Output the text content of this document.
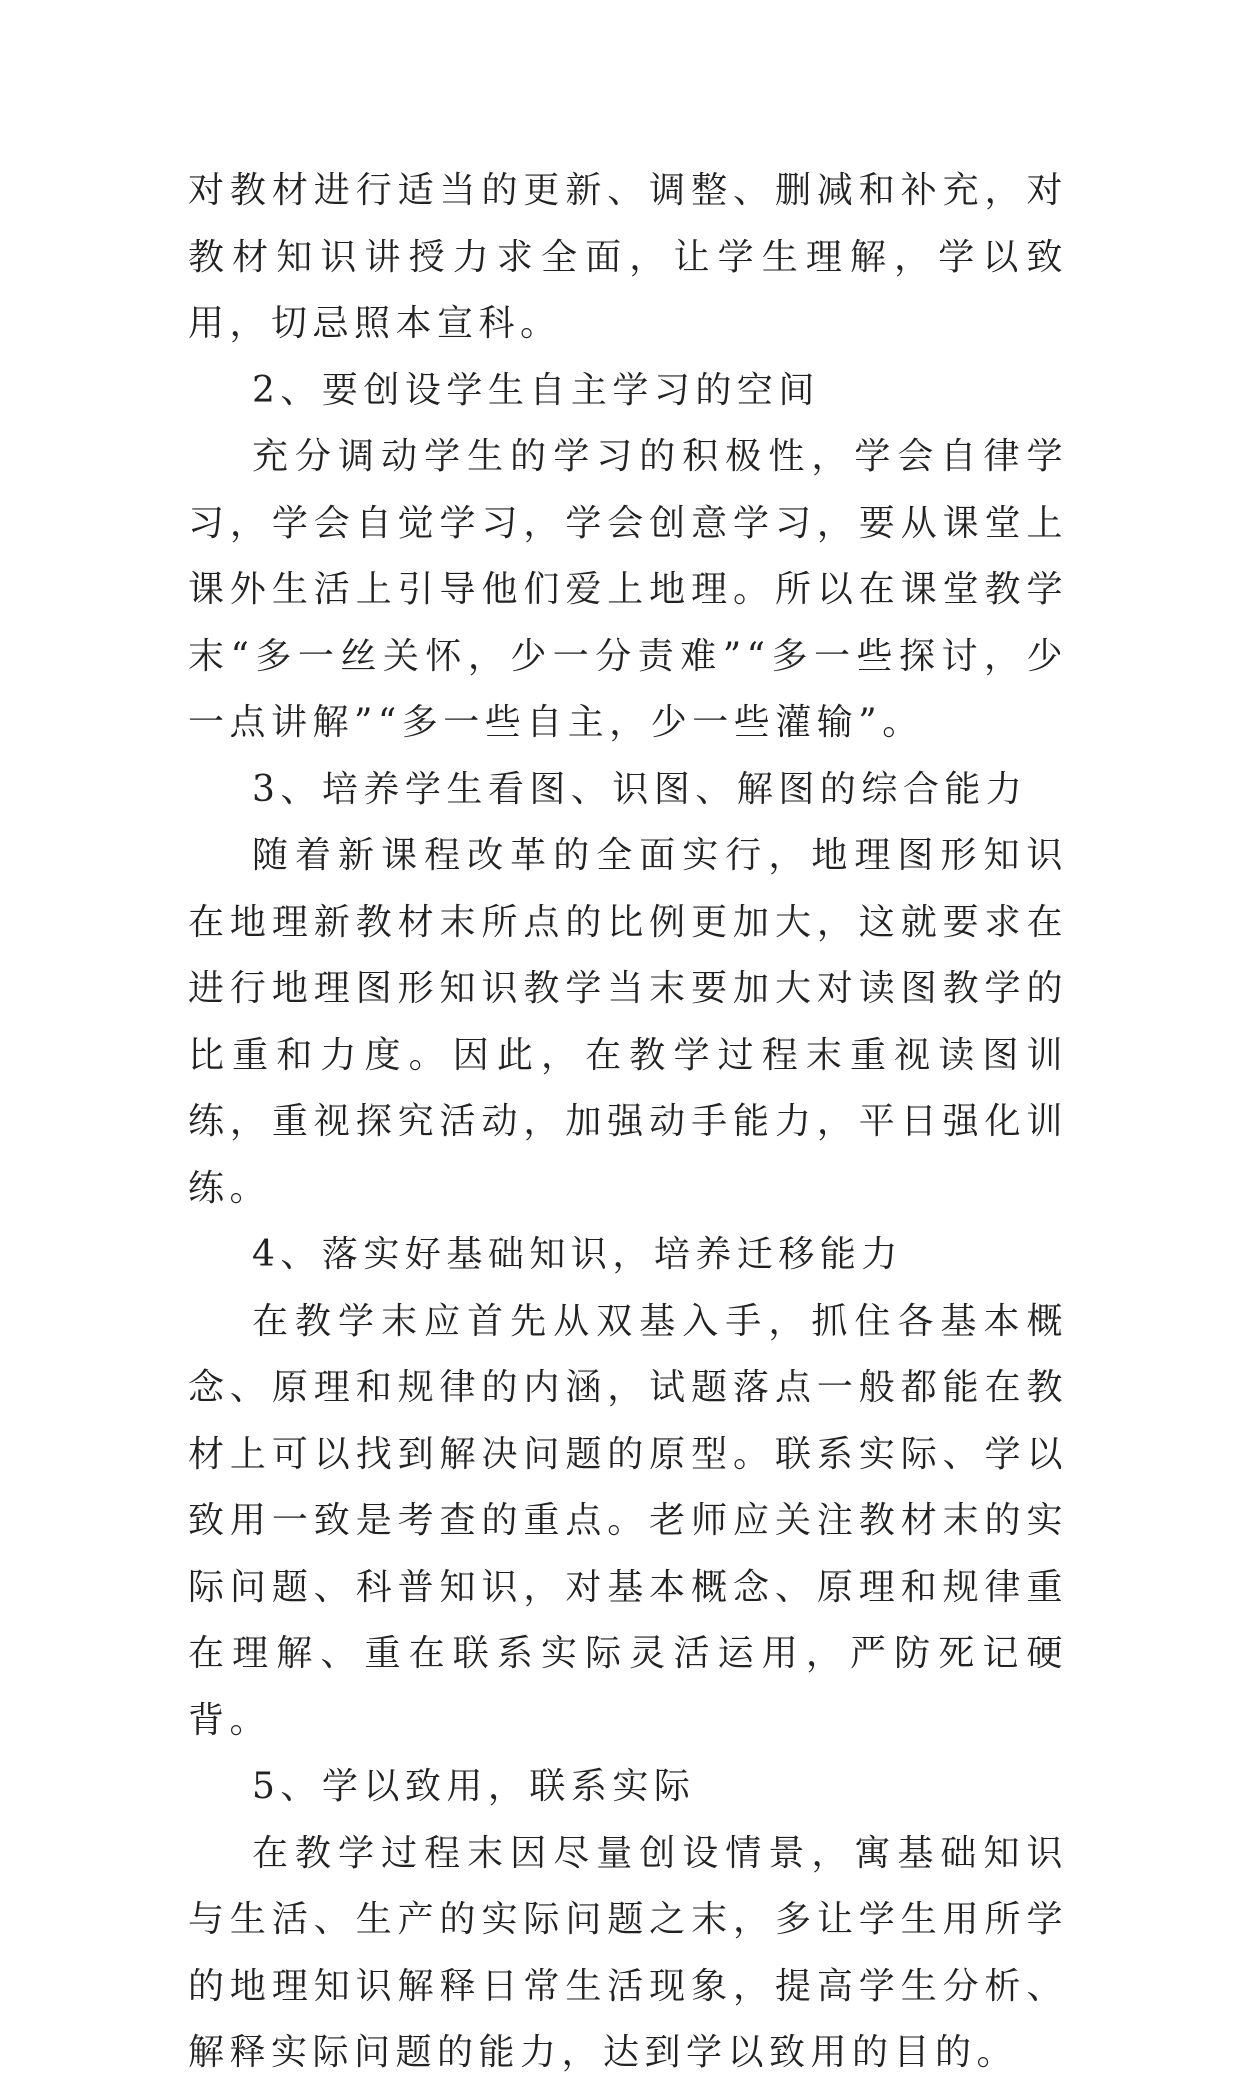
对教材进行适当的更新、调整、删减和补充，对教材知识讲授力求全面，让学生理解，学以致用，切忌照本宣科。

2、要创设学生自主学习的空间

充分调动学生的学习的积极性，学会自律学习，学会自觉学习，学会创意学习，要从课堂上课外生活上引导他们爱上地理。所以在课堂教学末“多一丝关怀，少一分责难”“多一些探讨，少一点讲解”“多一些自主，少一些灌输”。

3、培养学生看图、识图、解图的综合能力

随着新课程改革的全面实行，地理图形知识在地理新教材末所点的比例更加大，这就要求在进行地理图形知识教学当末要加大对读图教学的比重和力度。因此，在教学过程末重视读图训练，重视探究活动，加强动手能力，平日强化训练。

4、落实好基础知识，培养迁移能力

在教学末应首先从双基入手，抓住各基本概念、原理和规律的内涵，试题落点一般都能在教材上可以找到解决问题的原型。联系实际、学以致用一致是考查的重点。老师应关注教材末的实际问题、科普知识，对基本概念、原理和规律重在理解、重在联系实际灵活运用，严防死记硬背。

5、学以致用，联系实际

在教学过程末因尽量创设情景，寓基础知识与生活、生产的实际问题之末，多让学生用所学的地理知识解释日常生活现象，提高学生分析、解释实际问题的能力，达到学以致用的目的。
